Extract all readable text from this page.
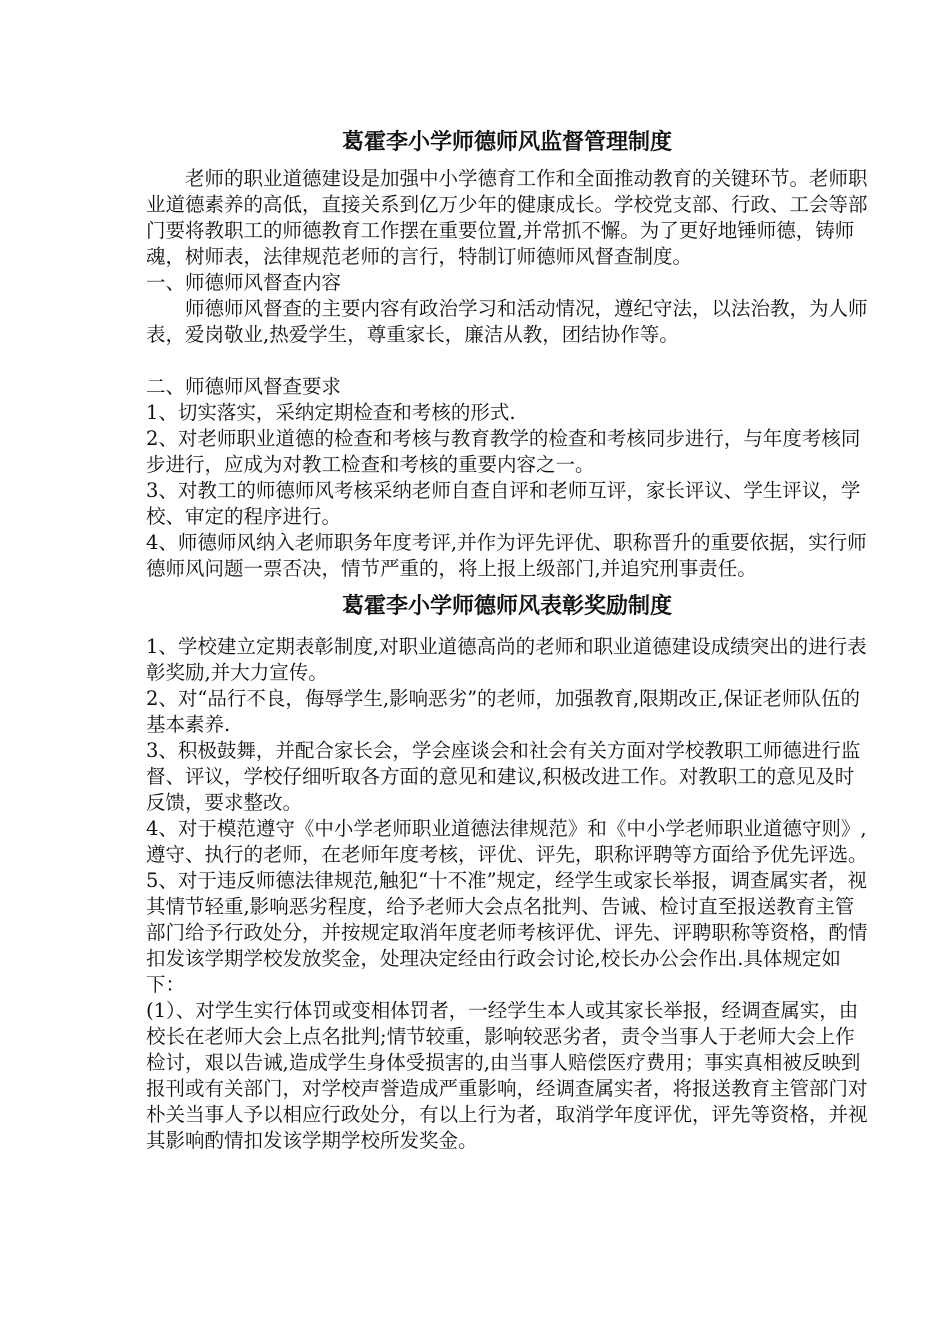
葛霍李小学师德师风监督管理制度

老师的职业道德建设是加强中小学德育工作和全面推动教育的关键环节。老师职业道德素养的高低，直接关系到亿万少年的健康成长。学校党支部、行政、工会等部门要将教职工的师德教育工作摆在重要位置,并常抓不懈。为了更好地锤师德，铸师魂，树师表，法律规范老师的言行，特制订师德师风督查制度。

一、师德师风督查内容

师德师风督查的主要内容有政治学习和活动情况，遵纪守法，以法治教，为人师表，爱岗敬业,热爱学生，尊重家长，廉洁从教，团结协作等。

二、师德师风督查要求

1、切实落实，采纳定期检查和考核的形式.

2、对老师职业道德的检查和考核与教育教学的检查和考核同步进行，与年度考核同步进行，应成为对教工检查和考核的重要内容之一。

3、对教工的师德师风考核采纳老师自查自评和老师互评，家长评议、学生评议，学校、审定的程序进行。

4、师德师风纳入老师职务年度考评,并作为评先评优、职称晋升的重要依据，实行师德师风问题一票否决，情节严重的，将上报上级部门,并追究刑事责任。

葛霍李小学师德师风表彰奖励制度

1、学校建立定期表彰制度,对职业道德高尚的老师和职业道德建设成绩突出的进行表彰奖励,并大力宣传。

2、对“品行不良，侮辱学生,影响恶劣”的老师，加强教育,限期改正,保证老师队伍的基本素养.

3、积极鼓舞，并配合家长会，学会座谈会和社会有关方面对学校教职工师德进行监督、评议，学校仔细听取各方面的意见和建议,积极改进工作。对教职工的意见及时反馈，要求整改。

4、对于模范遵守《中小学老师职业道德法律规范》和《中小学老师职业道德守则》,遵守、执行的老师，在老师年度考核，评优、评先，职称评聘等方面给予优先评选。

5、对于违反师德法律规范,触犯“十不准”规定，经学生或家长举报，调查属实者，视其情节轻重,影响恶劣程度，给予老师大会点名批判、告诫、检讨直至报送教育主管部门给予行政处分，并按规定取消年度老师考核评优、评先、评聘职称等资格，酌情扣发该学期学校发放奖金，处理决定经由行政会讨论,校长办公会作出.具体规定如下：

(1）、对学生实行体罚或变相体罚者，一经学生本人或其家长举报，经调查属实，由校长在老师大会上点名批判;情节较重，影响较恶劣者，责令当事人于老师大会上作检讨，艰以告诫,造成学生身体受损害的,由当事人赔偿医疗费用；事实真相被反映到报刊或有关部门，对学校声誉造成严重影响，经调查属实者，将报送教育主管部门对朴关当事人予以相应行政处分，有以上行为者，取消学年度评优，评先等资格，并视其影响酌情扣发该学期学校所发奖金。
